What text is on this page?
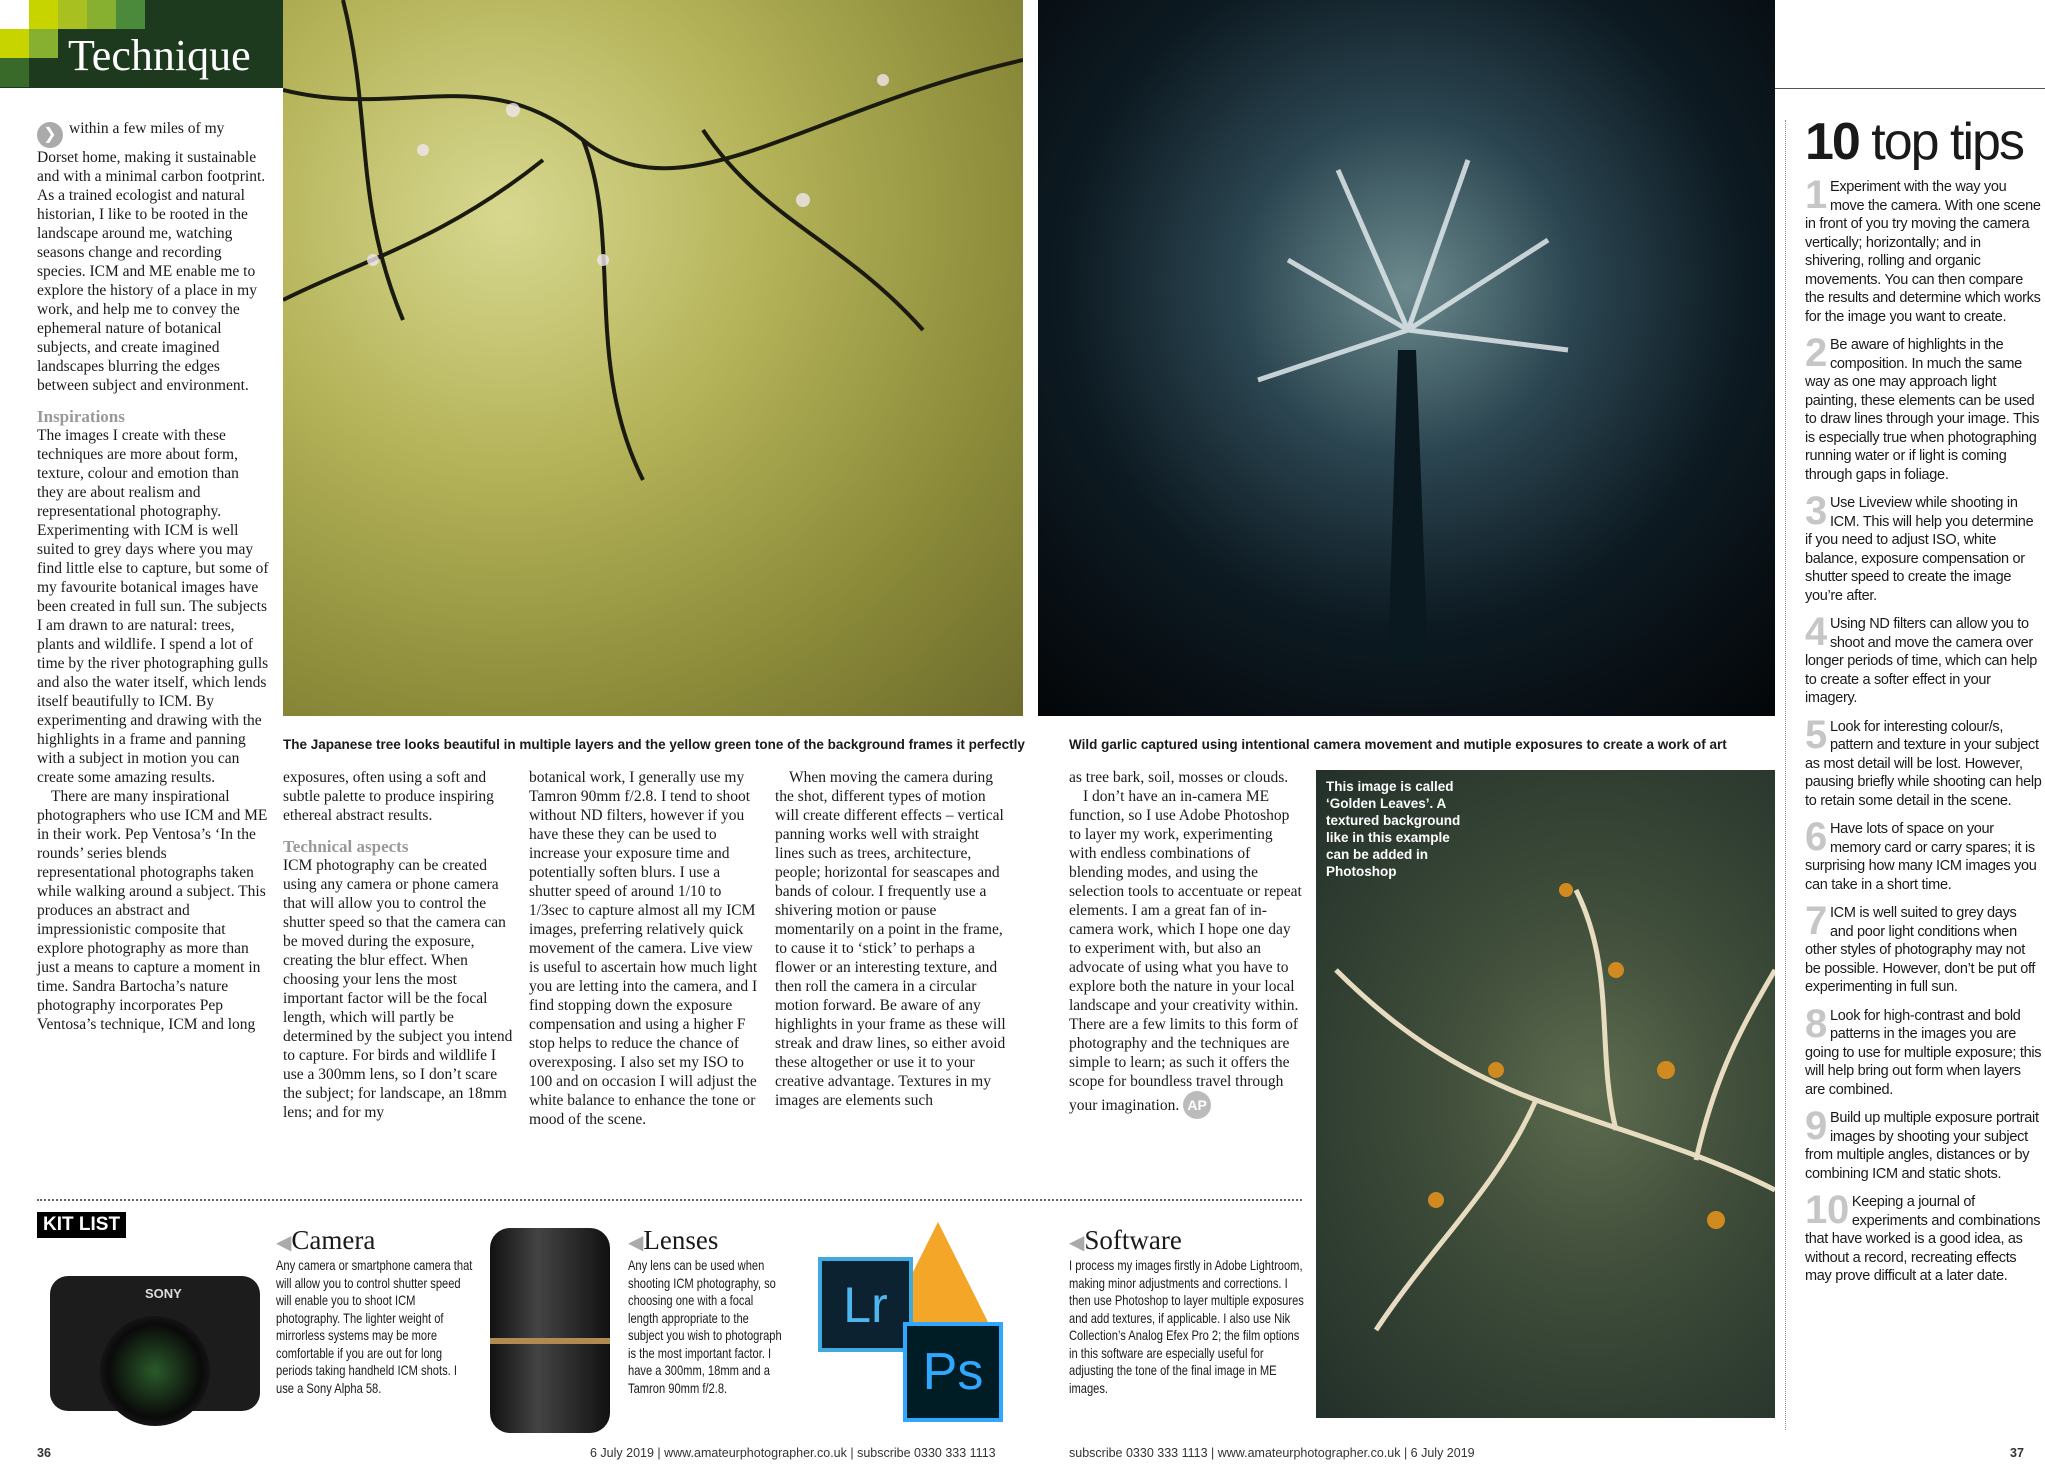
Technique
The Japanese tree looks beautiful in multiple layers and the yellow green tone of the background frames it perfectly	Wild garlic captured using intentional camera movement and mutiple exposures to create a work of art

❯ within a few miles of my Dorset home, making it sustainable and with a minimal carbon footprint. As a trained ecologist and natural historian, I like to be rooted in the landscape around me, watching seasons change and recording species. ICM and ME enable me to explore the history of a place in my work, and help me to convey the ephemeral nature of botanical subjects, and create imagined landscapes blurring the edges between subject and environment.

Inspirations

The images I create with these techniques are more about form, texture, colour and emotion than they are about realism and representational photography. Experimenting with ICM is well suited to grey days where you may find little else to capture, but some of my favourite botanical images have been created in full sun. The subjects I am drawn to are natural: trees, plants and wildlife. I spend a lot of time by the river photographing gulls and also the water itself, which lends itself beautifully to ICM. By experimenting and drawing with the highlights in a frame and panning with a subject in motion you can create some amazing results.

There are many inspirational photographers who use ICM and ME in their work. Pep Ventosa’s ‘In the rounds’ series blends representational photographs taken while walking around a subject. This produces an abstract and impressionistic composite that explore photography as more than just a means to capture a moment in time. Sandra Bartocha’s nature photography incorporates Pep Ventosa’s technique, ICM and long

exposures, often using a soft and subtle palette to produce inspiring ethereal abstract results.

Technical aspects

ICM photography can be created using any camera or phone camera that will allow you to control the shutter speed so that the camera can be moved during the exposure, creating the blur effect. When choosing your lens the most important factor will be the focal length, which will partly be determined by the subject you intend to capture. For birds and wildlife I use a 300mm lens, so I don’t scare the subject; for landscape, an 18mm lens; and for my

botanical work, I generally use my Tamron 90mm f/2.8. I tend to shoot without ND filters, however if you have these they can be used to increase your exposure time and potentially soften blurs. I use a shutter speed of around 1/10 to 1/3sec to capture almost all my ICM images, preferring relatively quick movement of the camera. Live view is useful to ascertain how much light you are letting into the camera, and I find stopping down the exposure compensation and using a higher F stop helps to reduce the chance of overexposing. I also set my ISO to 100 and on occasion I will adjust the white balance to enhance the tone or mood of the scene.

When moving the camera during the shot, different types of motion will create different effects – vertical panning works well with straight lines such as trees, architecture, people; horizontal for seascapes and bands of colour. I frequently use a shivering motion or pause momentarily on a point in the frame, to cause it to ‘stick’ to perhaps a flower or an interesting texture, and then roll the camera in a circular motion forward. Be aware of any highlights in your frame as these will streak and draw lines, so either avoid these altogether or use it to your creative advantage. Textures in my images are elements such

as tree bark, soil, mosses or clouds.

I don’t have an in-camera ME function, so I use Adobe Photoshop to layer my work, experimenting with endless combinations of blending modes, and using the selection tools to accentuate or repeat elements. I am a great fan of in-camera work, which I hope one day to experiment with, but also an advocate of using what you have to explore both the nature in your local landscape and your creativity within. There are a few limits to this form of photography and the techniques are simple to learn; as such it offers the scope for boundless travel through your imagination. AP

This image is called ‘Golden Leaves’. A textured background like in this example can be added in Photoshop
KIT LIST
SONY
◀Camera
Any camera or smartphone camera that will allow you to control shutter speed will enable you to shoot ICM photography. The lighter weight of mirrorless systems may be more comfortable if you are out for long periods taking handheld ICM shots. I use a Sony Alpha 58.
◀Lenses
Any lens can be used when shooting ICM photography, so choosing one with a focal length appropriate to the subject you wish to photograph is the most important factor. I have a 300mm, 18mm and a Tamron 90mm f/2.8.
Lr
Ps
◀Software
I process my images firstly in Adobe Lightroom, making minor adjustments and corrections. I then use Photoshop to layer multiple exposures and add textures, if applicable. I also use Nik Collection’s Analog Efex Pro 2; the film options in this software are especially useful for adjusting the tone of the final image in ME images.
10 top tips
1 Experiment with the way you move the camera. With one scene in front of you try moving the camera vertically; horizontally; and in shivering, rolling and organic movements. You can then compare the results and determine which works for the image you want to create.
2 Be aware of highlights in the composition. In much the same way as one may approach light painting, these elements can be used to draw lines through your image. This is especially true when photographing running water or if light is coming through gaps in foliage.
3 Use Liveview while shooting in ICM. This will help you determine if you need to adjust ISO, white balance, exposure compensation or shutter speed to create the image you’re after.
4 Using ND filters can allow you to shoot and move the camera over longer periods of time, which can help to create a softer effect in your imagery.
5 Look for interesting colour/s, pattern and texture in your subject as most detail will be lost. However, pausing briefly while shooting can help to retain some detail in the scene.
6 Have lots of space on your memory card or carry spares; it is surprising how many ICM images you can take in a short time.
7 ICM is well suited to grey days and poor light conditions when other styles of photography may not be possible. However, don’t be put off experimenting in full sun.
8 Look for high-contrast and bold patterns in the images you are going to use for multiple exposure; this will help bring out form when layers are combined.
9 Build up multiple exposure portrait images by shooting your subject from multiple angles, distances or by combining ICM and static shots.
10 Keeping a journal of experiments and combinations that have worked is a good idea, as without a record, recreating effects may prove difficult at a later date.
36	6 July 2019 | www.amateurphotographer.co.uk | subscribe 0330 333 1113	subscribe 0330 333 1113 | www.amateurphotographer.co.uk | 6 July 2019	37
